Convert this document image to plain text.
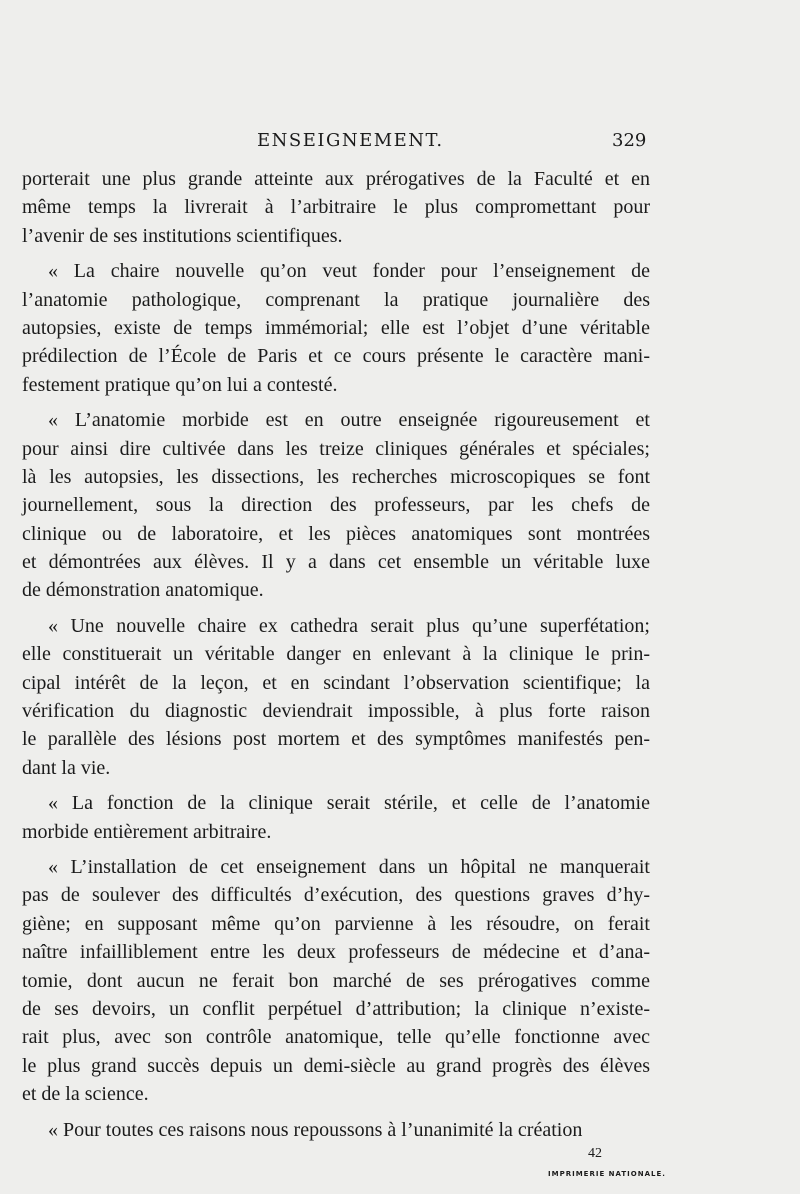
ENSEIGNEMENT.	329
porterait une plus grande atteinte aux prérogatives de la Faculté et en
même temps la livrerait à l’arbitraire le plus compromettant pour
l’avenir de ses institutions scientifiques.
« La chaire nouvelle qu’on veut fonder pour l’enseignement de
l’anatomie pathologique, comprenant la pratique journalière des
autopsies, existe de temps immémorial; elle est l’objet d’une véritable
prédilection de l’École de Paris et ce cours présente le caractère mani-
festement pratique qu’on lui a contesté.
« L’anatomie morbide est en outre enseignée rigoureusement et
pour ainsi dire cultivée dans les treize cliniques générales et spéciales;
là les autopsies, les dissections, les recherches microscopiques se font
journellement, sous la direction des professeurs, par les chefs de
clinique ou de laboratoire, et les pièces anatomiques sont montrées
et démontrées aux élèves. Il y a dans cet ensemble un véritable luxe
de démonstration anatomique.
« Une nouvelle chaire ex cathedra serait plus qu’une superfétation;
elle constituerait un véritable danger en enlevant à la clinique le prin-
cipal intérêt de la leçon, et en scindant l’observation scientifique; la
vérification du diagnostic deviendrait impossible, à plus forte raison
le parallèle des lésions post mortem et des symptômes manifestés pen-
dant la vie.
« La fonction de la clinique serait stérile, et celle de l’anatomie
morbide entièrement arbitraire.
« L’installation de cet enseignement dans un hôpital ne manquerait
pas de soulever des difficultés d’exécution, des questions graves d’hy-
giène; en supposant même qu’on parvienne à les résoudre, on ferait
naître infailliblement entre les deux professeurs de médecine et d’ana-
tomie, dont aucun ne ferait bon marché de ses prérogatives comme
de ses devoirs, un conflit perpétuel d’attribution; la clinique n’existe-
rait plus, avec son contrôle anatomique, telle qu’elle fonctionne avec
le plus grand succès depuis un demi-siècle au grand progrès des élèves
et de la science.
« Pour toutes ces raisons nous repoussons à l’unanimité la création
42
IMPRIMERIE NATIONALE.
